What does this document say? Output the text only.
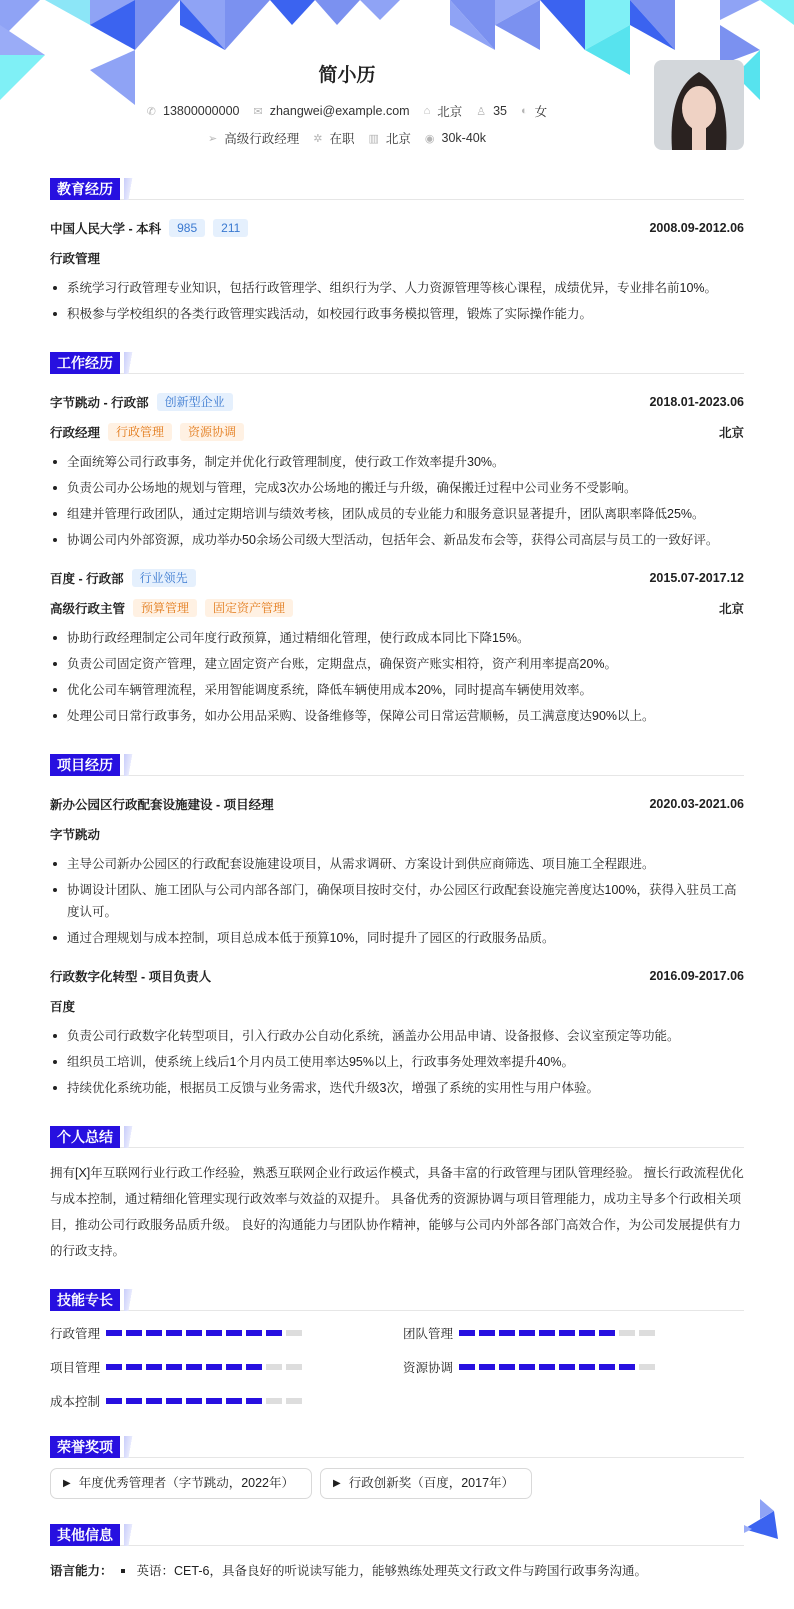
简小历
✆ 13800000000 ✉ zhangwei@example.com ⌂ 北京 ♙ 35 ◐ 女
➢ 高级行政经理 ✲ 在职 ▥ 北京 ◉ 30k-40k
教育经历
中国人民大学 - 本科	985	211	2008.09-2012.06
行政管理
系统学习行政管理专业知识，包括行政管理学、组织行为学、人力资源管理等核心课程，成绩优异，专业排名前10%。
积极参与学校组织的各类行政管理实践活动，如校园行政事务模拟管理，锻炼了实际操作能力。
工作经历
字节跳动 - 行政部	创新型企业	2018.01-2023.06
行政经理	行政管理	资源协调	北京
全面统筹公司行政事务，制定并优化行政管理制度，使行政工作效率提升30%。
负责公司办公场地的规划与管理，完成3次办公场地的搬迁与升级，确保搬迁过程中公司业务不受影响。
组建并管理行政团队，通过定期培训与绩效考核，团队成员的专业能力和服务意识显著提升，团队离职率降低25%。
协调公司内外部资源，成功举办50余场公司级大型活动，包括年会、新品发布会等，获得公司高层与员工的一致好评。
百度 - 行政部	行业领先	2015.07-2017.12
高级行政主管	预算管理	固定资产管理	北京
协助行政经理制定公司年度行政预算，通过精细化管理，使行政成本同比下降15%。
负责公司固定资产管理，建立固定资产台账，定期盘点，确保资产账实相符，资产利用率提高20%。
优化公司车辆管理流程，采用智能调度系统，降低车辆使用成本20%，同时提高车辆使用效率。
处理公司日常行政事务，如办公用品采购、设备维修等，保障公司日常运营顺畅，员工满意度达90%以上。
项目经历
新办公园区行政配套设施建设 - 项目经理	2020.03-2021.06
字节跳动
主导公司新办公园区的行政配套设施建设项目，从需求调研、方案设计到供应商筛选、项目施工全程跟进。
协调设计团队、施工团队与公司内部各部门，确保项目按时交付，办公园区行政配套设施完善度达100%，获得入驻员工高度认可。
通过合理规划与成本控制，项目总成本低于预算10%，同时提升了园区的行政服务品质。
行政数字化转型 - 项目负责人	2016.09-2017.06
百度
负责公司行政数字化转型项目，引入行政办公自动化系统，涵盖办公用品申请、设备报修、会议室预定等功能。
组织员工培训，使系统上线后1个月内员工使用率达95%以上，行政事务处理效率提升40%。
持续优化系统功能，根据员工反馈与业务需求，迭代升级3次，增强了系统的实用性与用户体验。
个人总结

拥有[X]年互联网行业行政工作经验，熟悉互联网企业行政运作模式，具备丰富的行政管理与团队管理经验。 擅长行政流程优化与成本控制，通过精细化管理实现行政效率与效益的双提升。 具备优秀的资源协调与项目管理能力，成功主导多个行政相关项目，推动公司行政服务品质升级。 良好的沟通能力与团队协作精神，能够与公司内外部各部门高效合作，为公司发展提供有力的行政支持。

技能专长
行政管理	团队管理
项目管理	资源协调
成本控制
荣誉奖项
▶ 年度优秀管理者（字节跳动，2022年）	▶ 行政创新奖（百度，2017年）
其他信息
语言能力： 英语：CET-6，具备良好的听说读写能力，能够熟练处理英文行政文件与跨国行政事务沟通。
